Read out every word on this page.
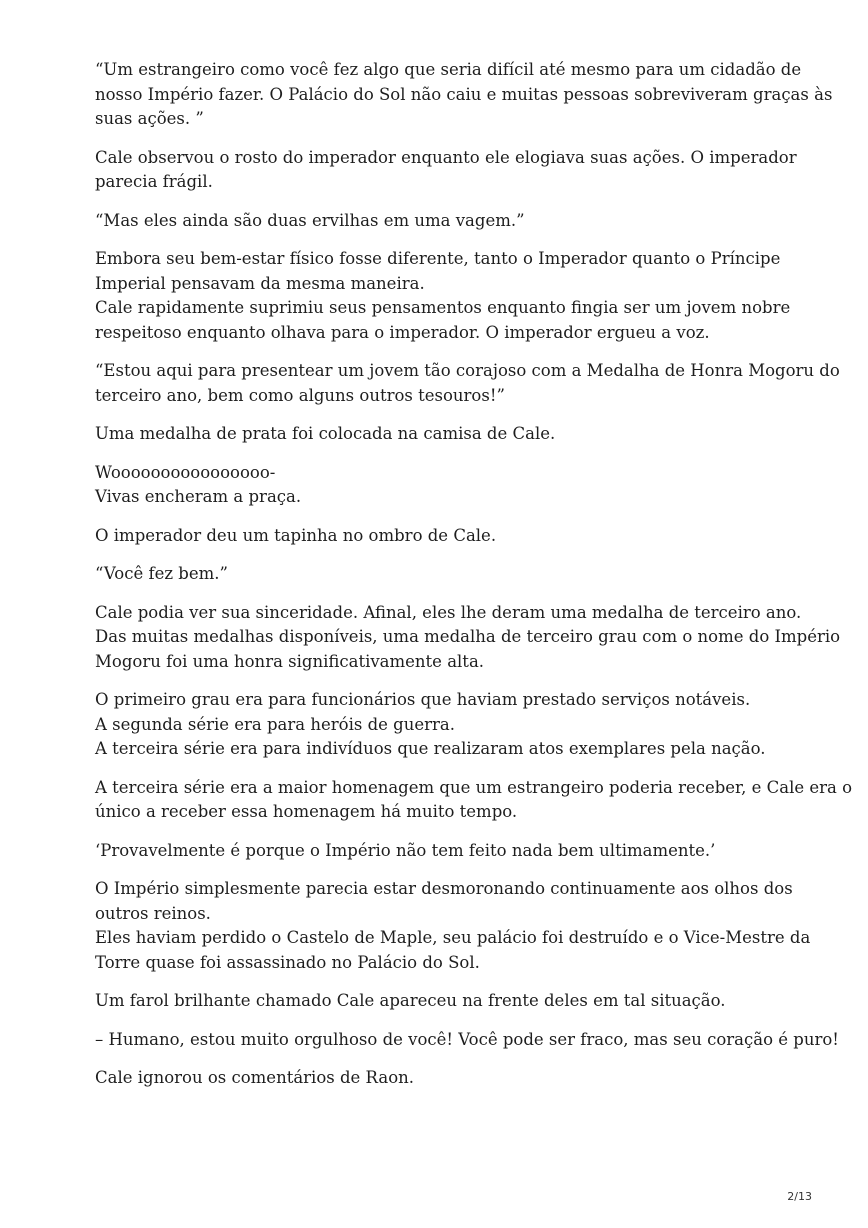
“Um estrangeiro como você fez algo que seria difícil até mesmo para um cidadão de
nosso Império fazer. O Palácio do Sol não caiu e muitas pessoas sobreviveram graças às
suas ações. ”

Cale observou o rosto do imperador enquanto ele elogiava suas ações. O imperador
parecia frágil.

“Mas eles ainda são duas ervilhas em uma vagem.”

Embora seu bem-estar físico fosse diferente, tanto o Imperador quanto o Príncipe
Imperial pensavam da mesma maneira.
Cale rapidamente suprimiu seus pensamentos enquanto fingia ser um jovem nobre
respeitoso enquanto olhava para o imperador. O imperador ergueu a voz.

“Estou aqui para presentear um jovem tão corajoso com a Medalha de Honra Mogoru do
terceiro ano, bem como alguns outros tesouros!”

Uma medalha de prata foi colocada na camisa de Cale.

Woooooooooooooooo-
Vivas encheram a praça.

O imperador deu um tapinha no ombro de Cale.

“Você fez bem.”

Cale podia ver sua sinceridade. Afinal, eles lhe deram uma medalha de terceiro ano.
Das muitas medalhas disponíveis, uma medalha de terceiro grau com o nome do Império
Mogoru foi uma honra significativamente alta.

O primeiro grau era para funcionários que haviam prestado serviços notáveis.
A segunda série era para heróis de guerra.
A terceira série era para indivíduos que realizaram atos exemplares pela nação.

A terceira série era a maior homenagem que um estrangeiro poderia receber, e Cale era o
único a receber essa homenagem há muito tempo.

‘Provavelmente é porque o Império não tem feito nada bem ultimamente.’

O Império simplesmente parecia estar desmoronando continuamente aos olhos dos
outros reinos.
Eles haviam perdido o Castelo de Maple, seu palácio foi destruído e o Vice-Mestre da
Torre quase foi assassinado no Palácio do Sol.

Um farol brilhante chamado Cale apareceu na frente deles em tal situação.

– Humano, estou muito orgulhoso de você! Você pode ser fraco, mas seu coração é puro!

Cale ignorou os comentários de Raon.

2/13
